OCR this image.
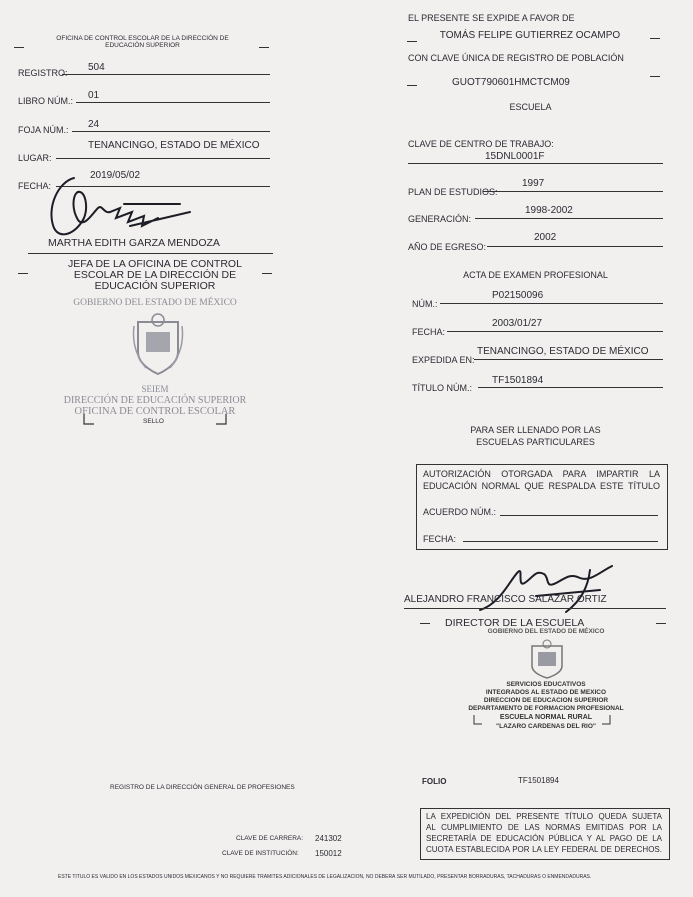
OFICINA DE CONTROL ESCOLAR DE LA DIRECCIÓN DE
EDUCACIÓN SUPERIOR
REGISTRO: 504
LIBRO NÚM.: 01
FOJA NÚM.: 24
LUGAR:
TENANCINGO, ESTADO DE MÉXICO
FECHA:
2019/05/02
MARTHA EDITH GARZA MENDOZA
JEFA DE LA OFICINA DE CONTROL
ESCOLAR DE LA DIRECCIÓN DE
EDUCACIÓN SUPERIOR
GOBIERNO DEL ESTADO DE MÉXICO
SEIEM
DIRECCIÓN DE EDUCACIÓN SUPERIOR
OFICINA DE CONTROL ESCOLAR
SELLO
REGISTRO DE LA DIRECCIÓN GENERAL DE PROFESIONES
CLAVE DE CARRERA: 241302
CLAVE DE INSTITUCIÓN: 150012
EL PRESENTE SE EXPIDE A FAVOR DE
TOMÁS FELIPE GUTIERREZ OCAMPO
CON CLAVE ÚNICA DE REGISTRO DE POBLACIÓN
GUOT790601HMCTCM09
ESCUELA
CLAVE DE CENTRO DE TRABAJO:
15DNL0001F
PLAN DE ESTUDIOS:
1997
GENERACIÓN:
1998-2002
AÑO DE EGRESO:
2002
ACTA DE EXAMEN PROFESIONAL
NÚM.:
P02150096
FECHA:
2003/01/27
EXPEDIDA EN:
TENANCINGO, ESTADO DE MÉXICO
TÍTULO NÚM.:
TF1501894
PARA SER LLENADO POR LAS
ESCUELAS PARTICULARES
AUTORIZACIÓN OTORGADA PARA IMPARTIR LA
EDUCACIÓN NORMAL QUE RESPALDA ESTE TÍTULO
ACUERDO NÚM.:
FECHA:
ALEJANDRO FRANCISCO SALAZAR ORTIZ
DIRECTOR DE LA ESCUELA
GOBIERNO DEL ESTADO DE MÉXICO
SERVICIOS EDUCATIVOS
INTEGRADOS AL ESTADO DE MEXICO
DIRECCION DE EDUCACION SUPERIOR
DEPARTAMENTO DE FORMACION PROFESIONAL
ESCUELA NORMAL RURAL
"LAZARO CARDENAS DEL RIO"
FOLIO	TF1501894
LA EXPEDICIÓN DEL PRESENTE TÍTULO QUEDA SUJETA
AL CUMPLIMIENTO DE LAS NORMAS EMITIDAS POR LA
SECRETARÍA DE EDUCACIÓN PÚBLICA Y AL PAGO DE LA
CUOTA ESTABLECIDA POR LA LEY FEDERAL DE DERECHOS.
ESTE TÍTULO ES VÁLIDO EN LOS ESTADOS UNIDOS MEXICANOS Y NO REQUIERE TRÁMITES ADICIONALES DE LEGALIZACIÓN, NO DEBERÁ SER MUTILADO, PRESENTAR BORRADURAS, TACHADURAS O ENMENDADURAS.
